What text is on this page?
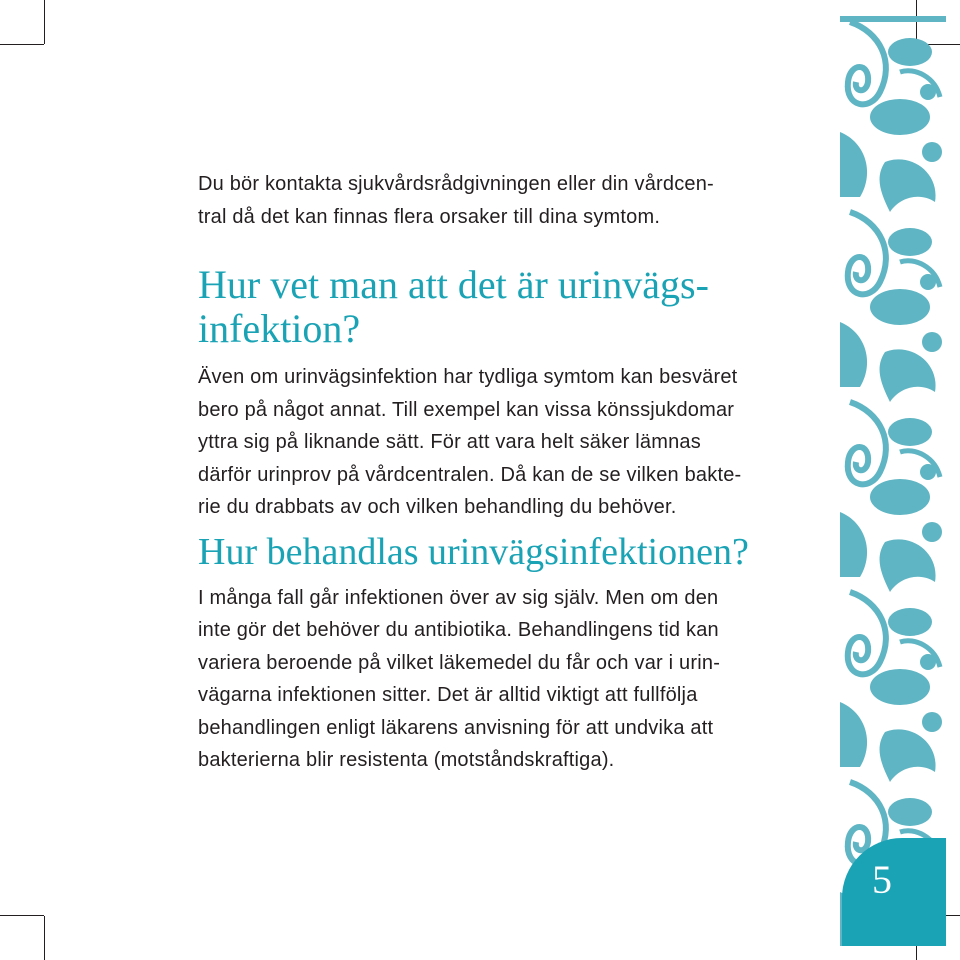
Du bör kontakta sjukvårdsrådgivningen eller din vårdcen-
tral då det kan finnas flera orsaker till dina symtom.

Hur vet man att det är urinvägs-
infektion?

Även om urinvägsinfektion har tydliga symtom kan besväret
bero på något annat. Till exempel kan vissa könssjukdomar
yttra sig på liknande sätt. För att vara helt säker lämnas
därför urinprov på vårdcentralen. Då kan de se vilken bakte-
rie du drabbats av och vilken behandling du behöver.

Hur behandlas urinvägsinfektionen?

I många fall går infektionen över av sig själv. Men om den
inte gör det behöver du antibiotika. Behandlingens tid kan
variera beroende på vilket läkemedel du får och var i urin-
vägarna infektionen sitter. Det är alltid viktigt att fullfölja
behandlingen enligt läkarens anvisning för att undvika att
bakterierna blir resistenta (motståndskraftiga).

5
